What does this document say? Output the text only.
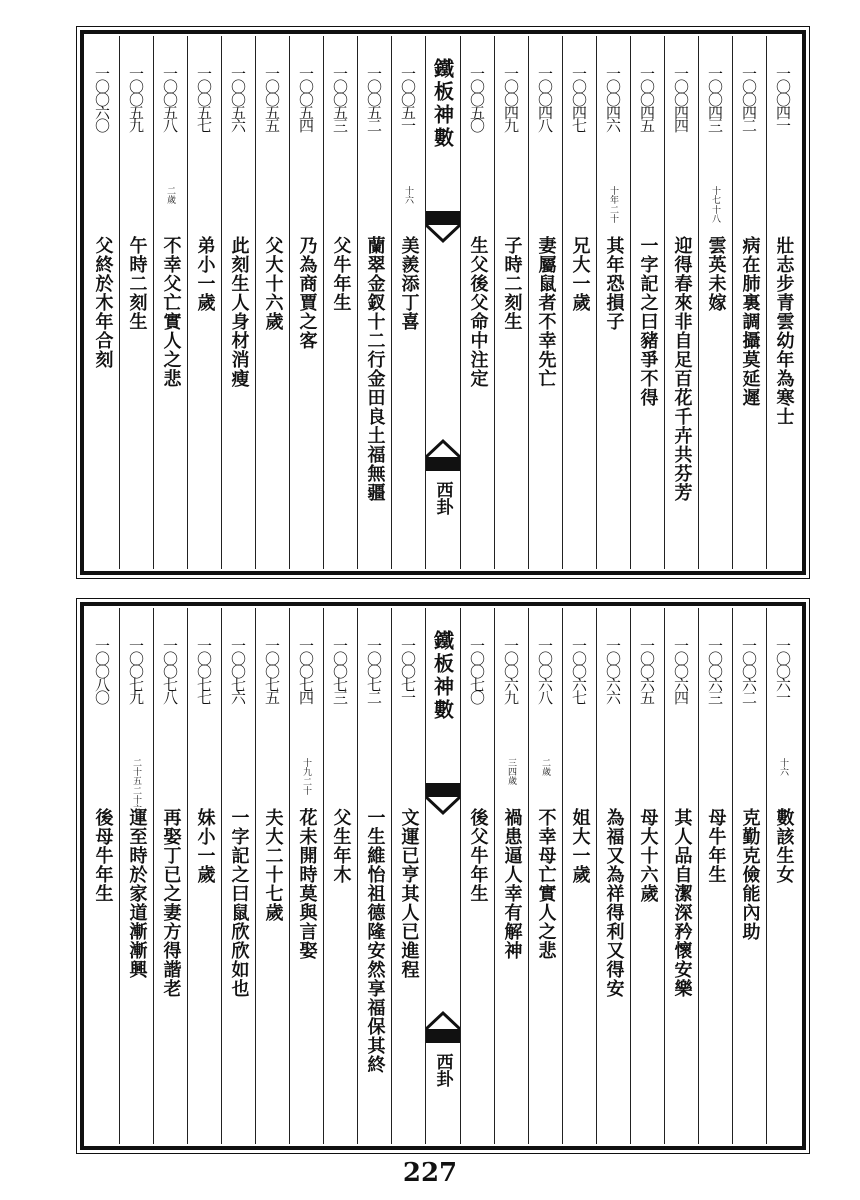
一〇〇四一
壯志步青雲幼年為寒士
一〇〇四二
病在肺裏調攝莫延遲
一〇〇四三
十八
十七
雲英未嫁
一〇〇四四
迎得春來非自足百花千卉共芬芳
一〇〇四五
一字記之曰豬爭不得
一〇〇四六
二十
十年
其年恐損子
一〇〇四七
兄大一歲
一〇〇四八
妻屬鼠者不幸先亡
一〇〇四九
子時二刻生
一〇〇五〇
生父後父命中注定
鐵板神數
西卦
一〇〇五一
十六
美羨添丁喜
一〇〇五二
蘭翠金釵十二行金田良土福無疆
一〇〇五三
父牛年生
一〇〇五四
乃為商賈之客
一〇〇五五
父大十六歲
一〇〇五六
此刻生人身材消瘦
一〇〇五七
弟小一歲
一〇〇五八
二歲
不幸父亡實人之悲
一〇〇五九
午時二刻生
一〇〇六〇
父終於木年合刻
一〇〇六一
十六
數該生女
一〇〇六二
克勤克儉能內助
一〇〇六三
母牛年生
一〇〇六四
其人品自潔深矜懷安樂
一〇〇六五
母大十六歲
一〇〇六六
為福又為祥得利又得安
一〇〇六七
姐大一歲
一〇〇六八
二歲
不幸母亡實人之悲
一〇〇六九
三四歲
禍患逼人幸有解神
一〇〇七〇
後父牛年生
鐵板神數
西卦
一〇〇七一
文運已亨其人已進程
一〇〇七二
一生維怡祖德隆安然享福保其終
一〇〇七三
父生年木
一〇〇七四
二十
十九
花未開時莫與言娶
一〇〇七五
夫大二十七歲
一〇〇七六
一字記之曰鼠欣欣如也
一〇〇七七
妹小一歲
一〇〇七八
再娶丁已之妻方得諧老
一〇〇七九
二十六
二十五
運至時於家道漸漸興
一〇〇八〇
後母牛年生
227
